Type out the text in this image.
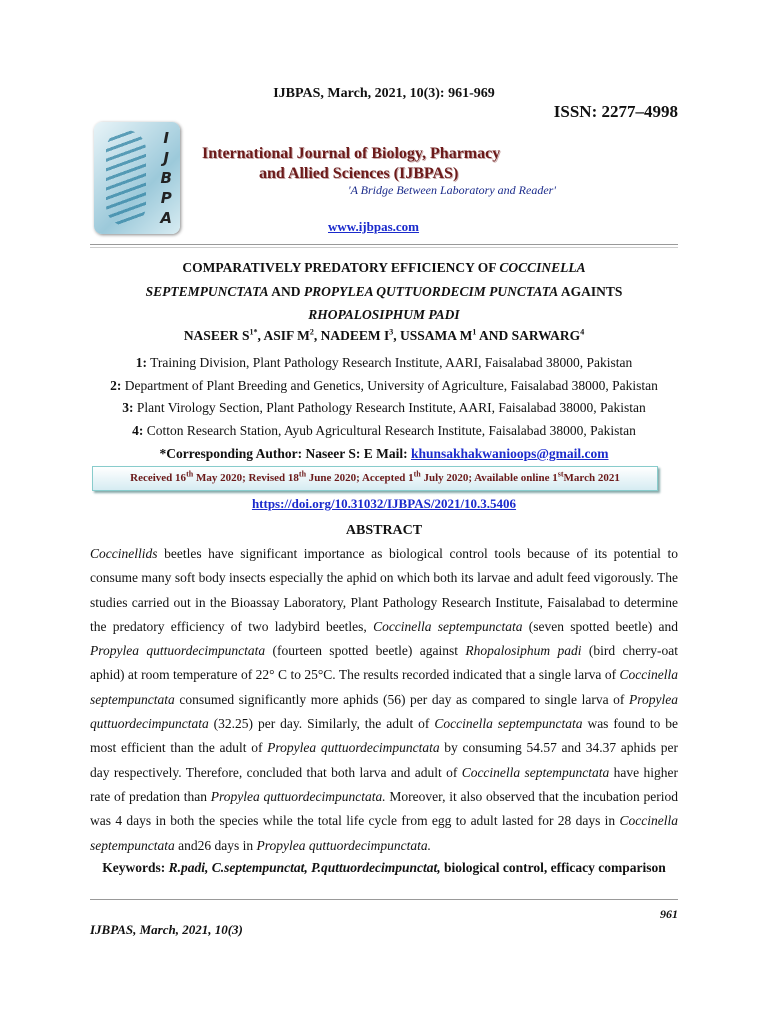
IJBPAS, March, 2021, 10(3): 961-969
ISSN: 2277–4998
I
J
B
P
A
International Journal of Biology, Pharmacy
and Allied Sciences (IJBPAS)
'A Bridge Between Laboratory and Reader'
www.ijbpas.com
COMPARATIVELY PREDATORY EFFICIENCY OF COCCINELLA
SEPTEMPUNCTATA AND PROPYLEA QUTTUORDECIM PUNCTATA AGAINTS
RHOPALOSIPHUM PADI
NASEER $S^{1*}$, ASIF $M^2$, NADEEM $I^3$, USSAMA $M^1$ AND SARWARG$^4$
1: Training Division, Plant Pathology Research Institute, AARI, Faisalabad 38000, Pakistan
2: Department of Plant Breeding and Genetics, University of Agriculture, Faisalabad 38000, Pakistan
3: Plant Virology Section, Plant Pathology Research Institute, AARI, Faisalabad 38000, Pakistan
4: Cotton Research Station, Ayub Agricultural Research Institute, Faisalabad 38000, Pakistan
*Corresponding Author: Naseer S: E Mail: khunsakhakwanioops@gmail.com
Received 16th May 2020; Revised 18th June 2020; Accepted 1th July 2020; Available online 1stMarch 2021
https://doi.org/10.31032/IJBPAS/2021/10.3.5406
ABSTRACT
Coccinellids beetles have significant importance as biological control tools because of its potential to consume many soft body insects especially the aphid on which both its larvae and adult feed vigorously. The studies carried out in the Bioassay Laboratory, Plant Pathology Research Institute, Faisalabad to determine the predatory efficiency of two ladybird beetles, Coccinella septempunctata (seven spotted beetle) and Propylea quttuordecimpunctata (fourteen spotted beetle) against Rhopalosiphum padi (bird cherry-oat aphid) at room temperature of 22° C to 25°C. The results recorded indicated that a single larva of Coccinella septempunctata consumed significantly more aphids (56) per day as compared to single larva of Propylea quttuordecimpunctata (32.25) per day. Similarly, the adult of Coccinella septempunctata was found to be most efficient than the adult of Propylea quttuordecimpunctata by consuming 54.57 and 34.37 aphids per day respectively. Therefore, concluded that both larva and adult of Coccinella septempunctata have higher rate of predation than Propylea quttuordecimpunctata. Moreover, it also observed that the incubation period was 4 days in both the species while the total life cycle from egg to adult lasted for 28 days in Coccinella septempunctata and26 days in Propylea quttuordecimpunctata.
Keywords: R.padi, C.septempunctat, P.quttuordecimpunctat, biological control, efficacy comparison
961
IJBPAS, March, 2021, 10(3)
